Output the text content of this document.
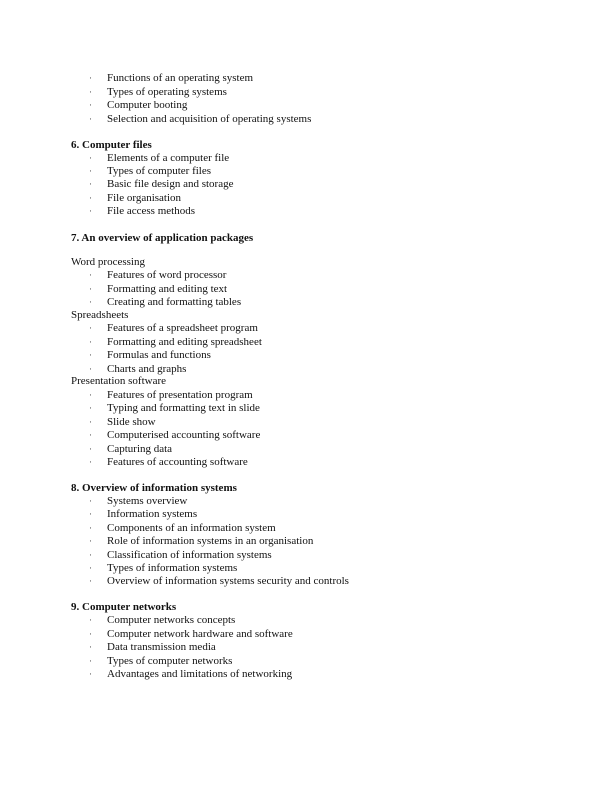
· Functions of an operating system
· Types of operating systems
· Computer booting
· Selection and acquisition of operating systems
6. Computer files
· Elements of a computer file
· Types of computer files
· Basic file design and storage
· File organisation
· File access methods
7. An overview of application packages
Word processing
· Features of word processor
· Formatting and editing text
· Creating and formatting tables
Spreadsheets
· Features of a spreadsheet program
· Formatting and editing spreadsheet
· Formulas and functions
· Charts and graphs
Presentation software
· Features of presentation program
· Typing and formatting text in slide
· Slide show
· Computerised accounting software
· Capturing data
· Features of accounting software
8. Overview of information systems
· Systems overview
· Information systems
· Components of an information system
· Role of information systems in an organisation
· Classification of information systems
· Types of information systems
· Overview of information systems security and controls
9. Computer networks
· Computer networks concepts
· Computer network hardware and software
· Data transmission media
· Types of computer networks
· Advantages and limitations of networking
